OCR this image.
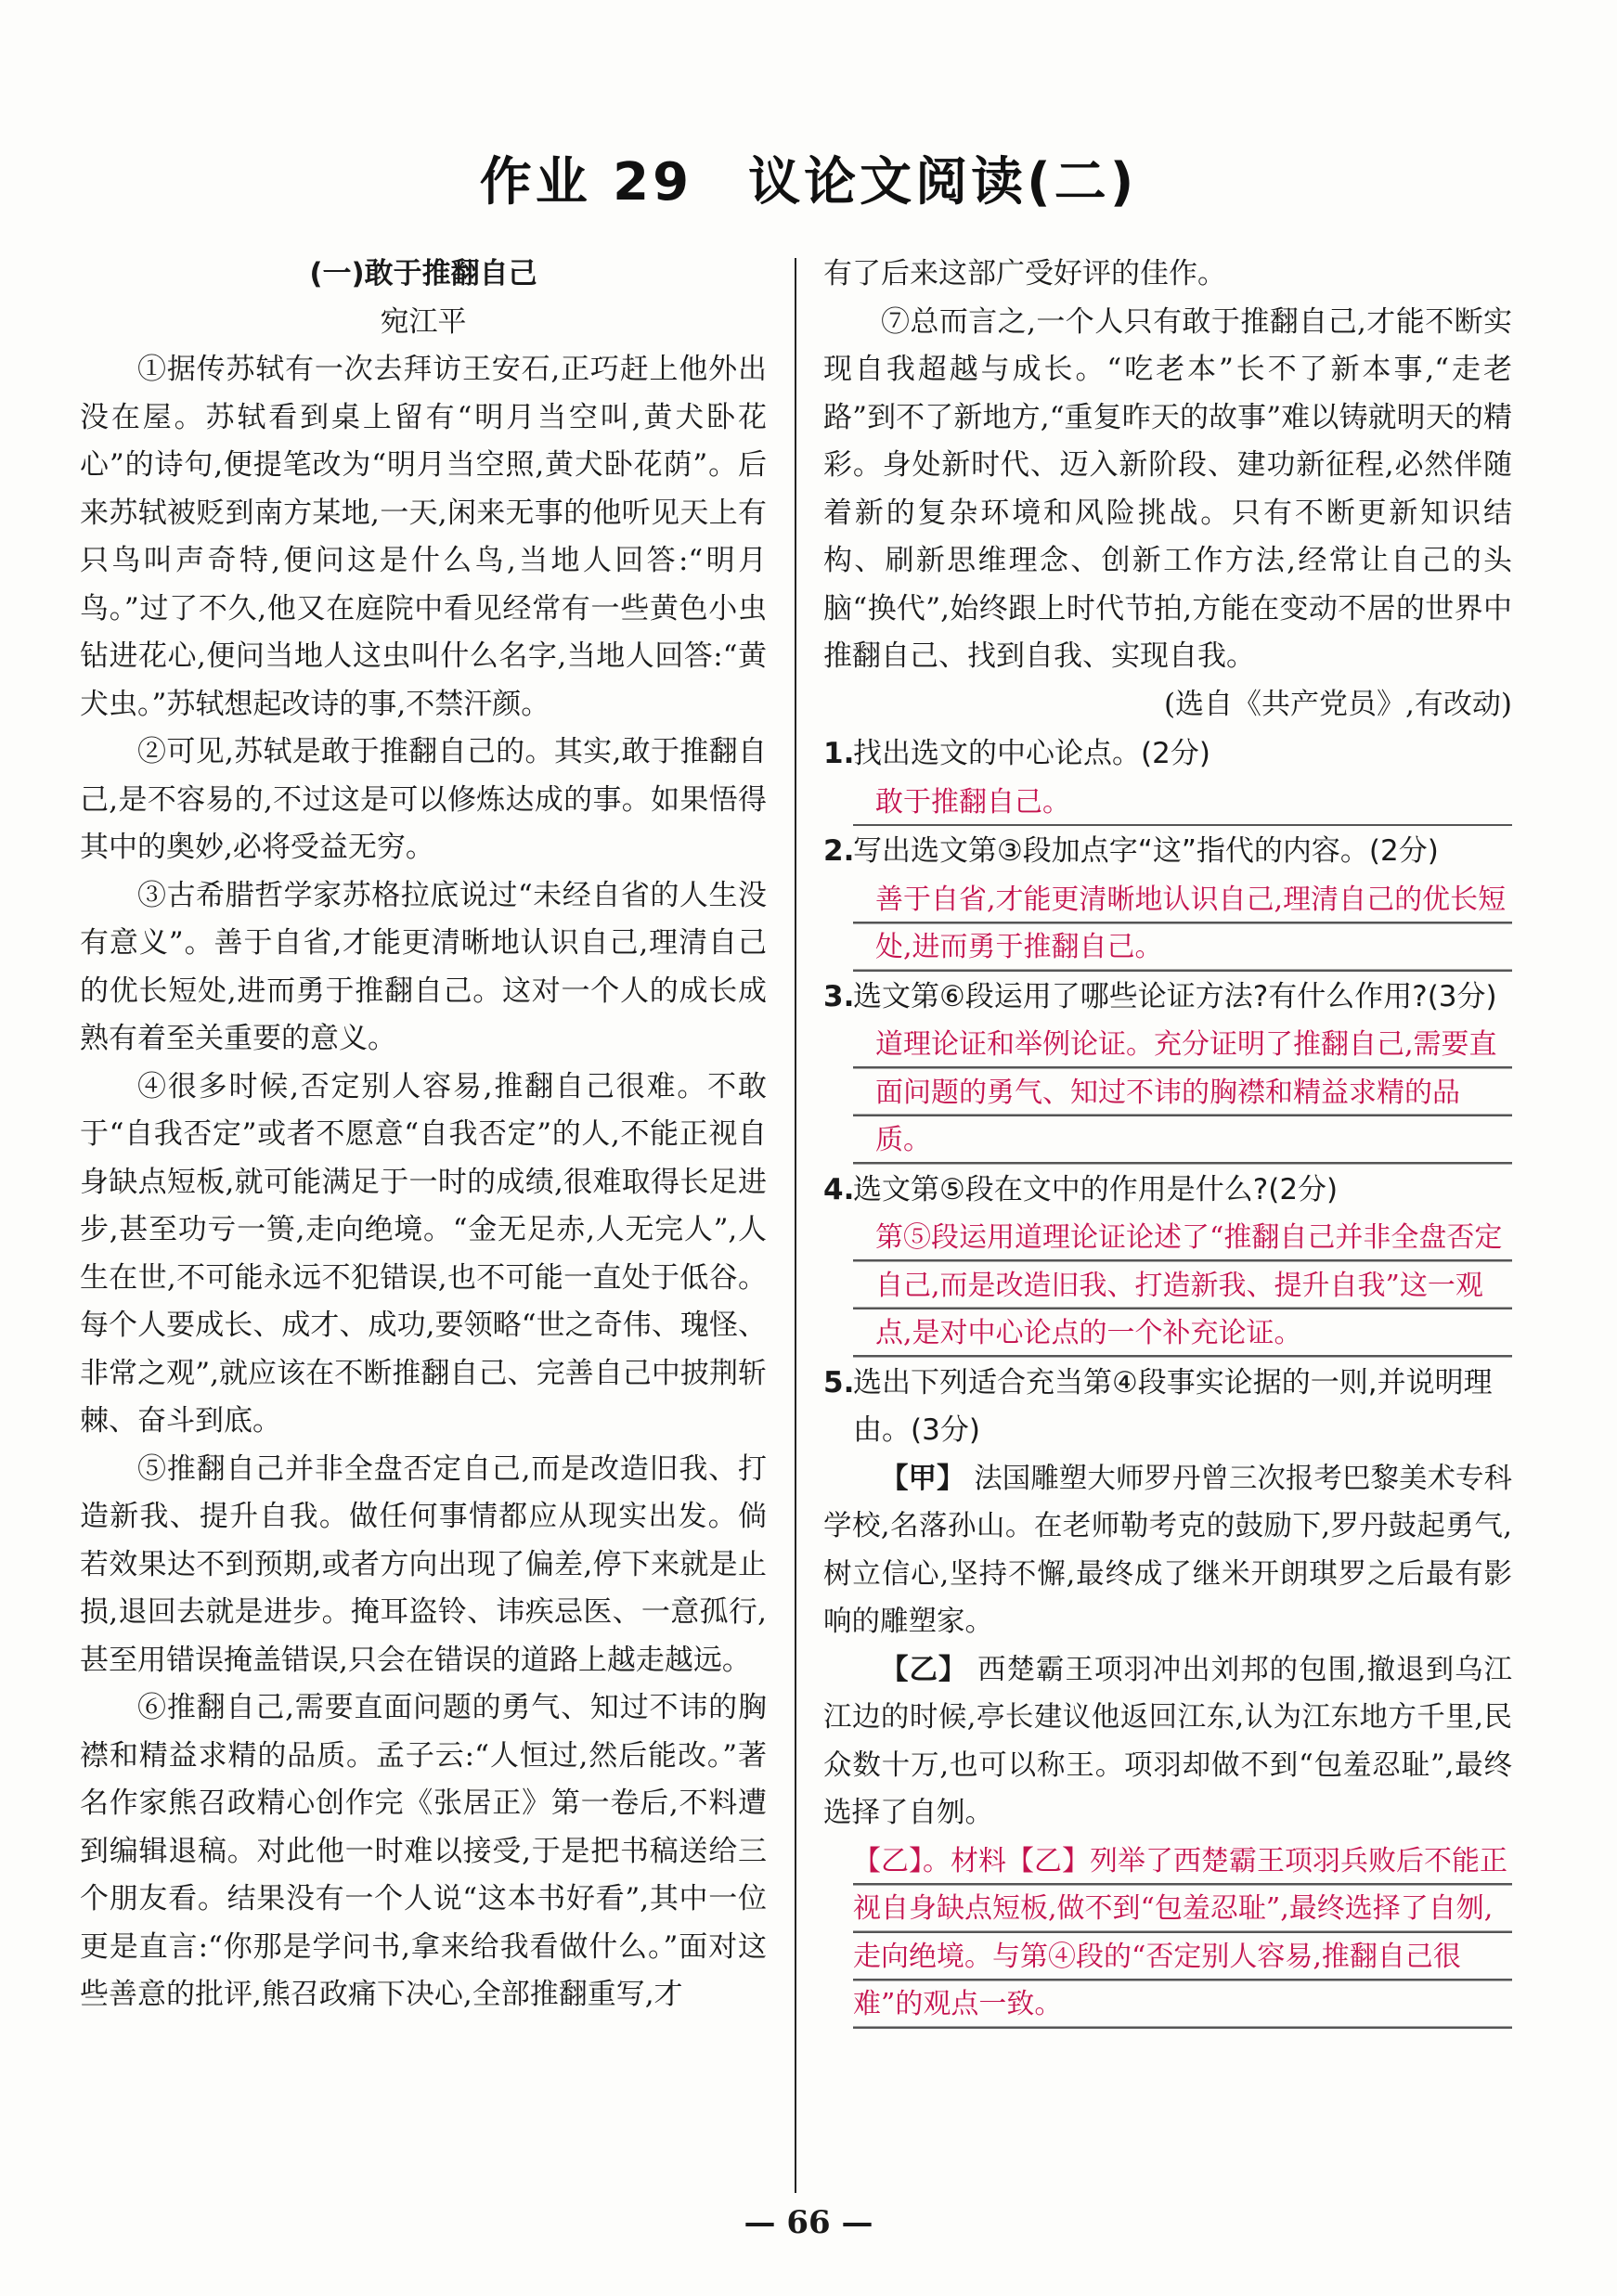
作业 29　议论文阅读(二)

(一)敢于推翻自己

宛江平

①据传苏轼有一次去拜访王安石,正巧赶上他外出没在屋。苏轼看到桌上留有“明月当空叫,黄犬卧花心”的诗句,便提笔改为“明月当空照,黄犬卧花荫”。后来苏轼被贬到南方某地,一天,闲来无事的他听见天上有只鸟叫声奇特,便问这是什么鸟,当地人回答:“明月鸟。”过了不久,他又在庭院中看见经常有一些黄色小虫钻进花心,便问当地人这虫叫什么名字,当地人回答:“黄犬虫。”苏轼想起改诗的事,不禁汗颜。

②可见,苏轼是敢于推翻自己的。其实,敢于推翻自己,是不容易的,不过这是可以修炼达成的事。如果悟得其中的奥妙,必将受益无穷。

③古希腊哲学家苏格拉底说过“未经自省的人生没有意义”。善于自省,才能更清晰地认识自己,理清自己的优长短处,进而勇于推翻自己。这对一个人的成长成熟有着至关重要的意义。

④很多时候,否定别人容易,推翻自己很难。不敢于“自我否定”或者不愿意“自我否定”的人,不能正视自身缺点短板,就可能满足于一时的成绩,很难取得长足进步,甚至功亏一篑,走向绝境。“金无足赤,人无完人”,人生在世,不可能永远不犯错误,也不可能一直处于低谷。每个人要成长、成才、成功,要领略“世之奇伟、瑰怪、非常之观”,就应该在不断推翻自己、完善自己中披荆斩棘、奋斗到底。

⑤推翻自己并非全盘否定自己,而是改造旧我、打造新我、提升自我。做任何事情都应从现实出发。倘若效果达不到预期,或者方向出现了偏差,停下来就是止损,退回去就是进步。掩耳盗铃、讳疾忌医、一意孤行,甚至用错误掩盖错误,只会在错误的道路上越走越远。

⑥推翻自己,需要直面问题的勇气、知过不讳的胸襟和精益求精的品质。孟子云:“人恒过,然后能改。”著名作家熊召政精心创作完《张居正》第一卷后,不料遭到编辑退稿。对此他一时难以接受,于是把书稿送给三个朋友看。结果没有一个人说“这本书好看”,其中一位更是直言:“你那是学问书,拿来给我看做什么。”面对这些善意的批评,熊召政痛下决心,全部推翻重写,才

有了后来这部广受好评的佳作。

⑦总而言之,一个人只有敢于推翻自己,才能不断实现自我超越与成长。“吃老本”长不了新本事,“走老路”到不了新地方,“重复昨天的故事”难以铸就明天的精彩。身处新时代、迈入新阶段、建功新征程,必然伴随着新的复杂环境和风险挑战。只有不断更新知识结构、刷新思维理念、创新工作方法,经常让自己的头脑“换代”,始终跟上时代节拍,方能在变动不居的世界中推翻自己、找到自我、实现自我。

(选自《共产党员》,有改动)

1.
找出选文的中心论点。(2分)
敢于推翻自己。
2.
写出选文第③段加点字“这”指代的内容。(2分)
善于自省,才能更清晰地认识自己,理清自己的优长短处,进而勇于推翻自己。
3.
选文第⑥段运用了哪些论证方法?有什么作用?(3分)
道理论证和举例论证。充分证明了推翻自己,需要直面问题的勇气、知过不讳的胸襟和精益求精的品质。
4.
选文第⑤段在文中的作用是什么?(2分)
第⑤段运用道理论证论述了“推翻自己并非全盘否定自己,而是改造旧我、打造新我、提升自我”这一观点,是对中心论点的一个补充论证。
5.
选出下列适合充当第④段事实论据的一则,并说明理由。(3分)

【甲】 法国雕塑大师罗丹曾三次报考巴黎美术专科学校,名落孙山。在老师勒考克的鼓励下,罗丹鼓起勇气,树立信心,坚持不懈,最终成了继米开朗琪罗之后最有影响的雕塑家。

【乙】 西楚霸王项羽冲出刘邦的包围,撤退到乌江江边的时候,亭长建议他返回江东,认为江东地方千里,民众数十万,也可以称王。项羽却做不到“包羞忍耻”,最终选择了自刎。

【乙】。材料【乙】列举了西楚霸王项羽兵败后不能正视自身缺点短板,做不到“包羞忍耻”,最终选择了自刎,走向绝境。与第④段的“否定别人容易,推翻自己很难”的观点一致。
— 66 —
